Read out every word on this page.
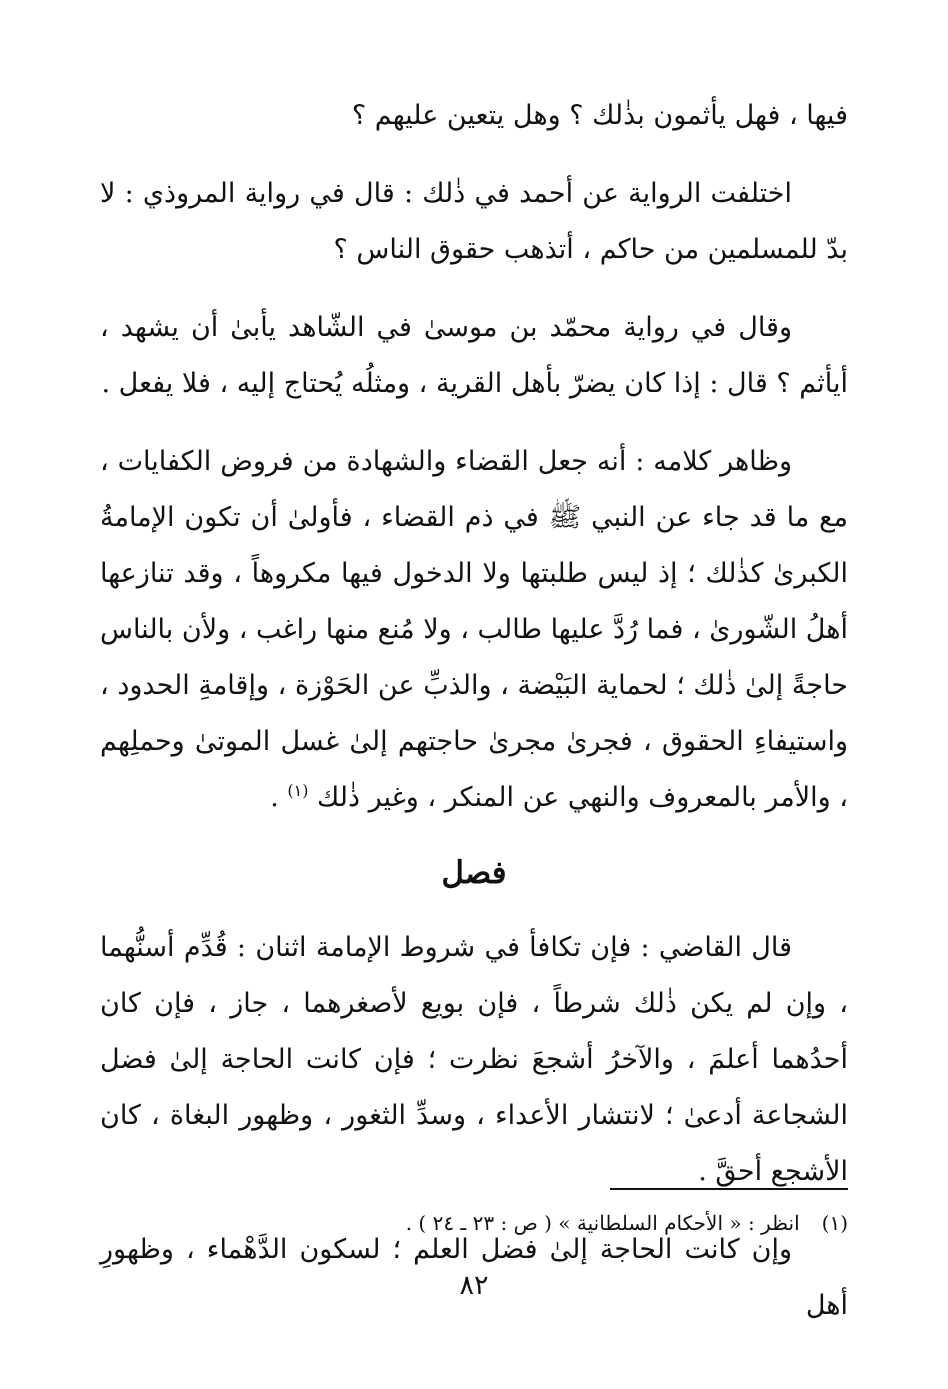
فيها ، فهل يأثمون بذٰلك ؟ وهل يتعين عليهم ؟

اختلفت الرواية عن أحمد في ذٰلك : قال في رواية المروذي : لا بدّ للمسلمين من حاكم ، أتذهب حقوق الناس ؟

وقال في رواية محمّد بن موسىٰ في الشّاهد يأبىٰ أن يشهد ، أيأثم ؟ قال : إذا كان يضرّ بأهل القرية ، ومثلُه يُحتاج إليه ، فلا يفعل .

وظاهر كلامه : أنه جعل القضاء والشهادة من فروض الكفايات ، مع ما قد جاء عن النبي ﷺ في ذم القضاء ، فأولىٰ أن تكون الإمامةُ الكبرىٰ كذٰلك ؛ إذ ليس طلبتها ولا الدخول فيها مكروهاً ، وقد تنازعها أهلُ الشّورىٰ ، فما رُدَّ عليها طالب ، ولا مُنع منها راغب ، ولأن بالناس حاجةً إلىٰ ذٰلك ؛ لحماية البَيْضة ، والذبِّ عن الحَوْزة ، وإقامةِ الحدود ، واستيفاءِ الحقوق ، فجرىٰ مجرىٰ حاجتهم إلىٰ غسل الموتىٰ وحملِهم ، والأمر بالمعروف والنهي عن المنكر ، وغير ذٰلك $^{(١)}$ .

فصل

قال القاضي : فإن تكافأ في شروط الإمامة اثنان : قُدِّم أسنُّهما ، وإن لم يكن ذٰلك شرطاً ، فإن بويع لأصغرهما ، جاز ، فإن كان أحدُهما أعلمَ ، والآخرُ أشجعَ نظرت ؛ فإن كانت الحاجة إلىٰ فضل الشجاعة أدعىٰ ؛ لانتشار الأعداء ، وسدِّ الثغور ، وظهور البغاة ، كان الأشجع أحقَّ .

وإن كانت الحاجة إلىٰ فضل العلم ؛ لسكون الدَّهْماء ، وظهورِ أهل

(١)انظر : « الأحكام السلطانية » ( ص : ٢٣ ـ ٢٤ ) .
٨٢
